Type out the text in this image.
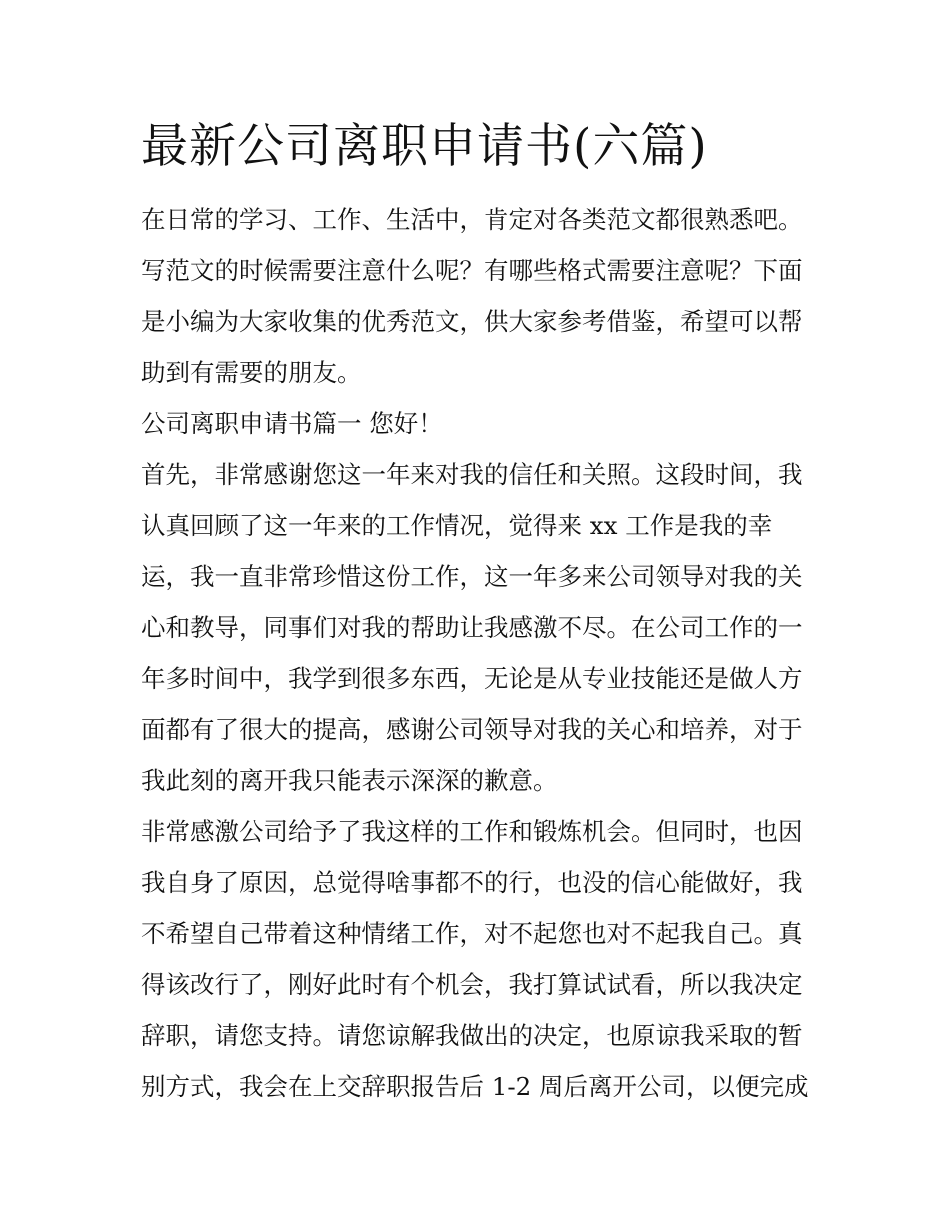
最新公司离职申请书(六篇)

在日常的学习、工作、生活中，肯定对各类范文都很熟悉吧。

写范文的时候需要注意什么呢？有哪些格式需要注意呢？下面

是小编为大家收集的优秀范文，供大家参考借鉴，希望可以帮

助到有需要的朋友。

公司离职申请书篇一 您好！

首先，非常感谢您这一年来对我的信任和关照。这段时间，我

认真回顾了这一年来的工作情况，觉得来 xx 工作是我的幸

运，我一直非常珍惜这份工作，这一年多来公司领导对我的关

心和教导，同事们对我的帮助让我感激不尽。在公司工作的一

年多时间中，我学到很多东西，无论是从专业技能还是做人方

面都有了很大的提高，感谢公司领导对我的关心和培养，对于

我此刻的离开我只能表示深深的歉意。

非常感激公司给予了我这样的工作和锻炼机会。但同时，也因

我自身了原因，总觉得啥事都不的行，也没的信心能做好，我

不希望自己带着这种情绪工作，对不起您也对不起我自己。真

得该改行了，刚好此时有个机会，我打算试试看，所以我决定

辞职，请您支持。请您谅解我做出的决定，也原谅我采取的暂

别方式，我会在上交辞职报告后 1-2 周后离开公司，以便完成
